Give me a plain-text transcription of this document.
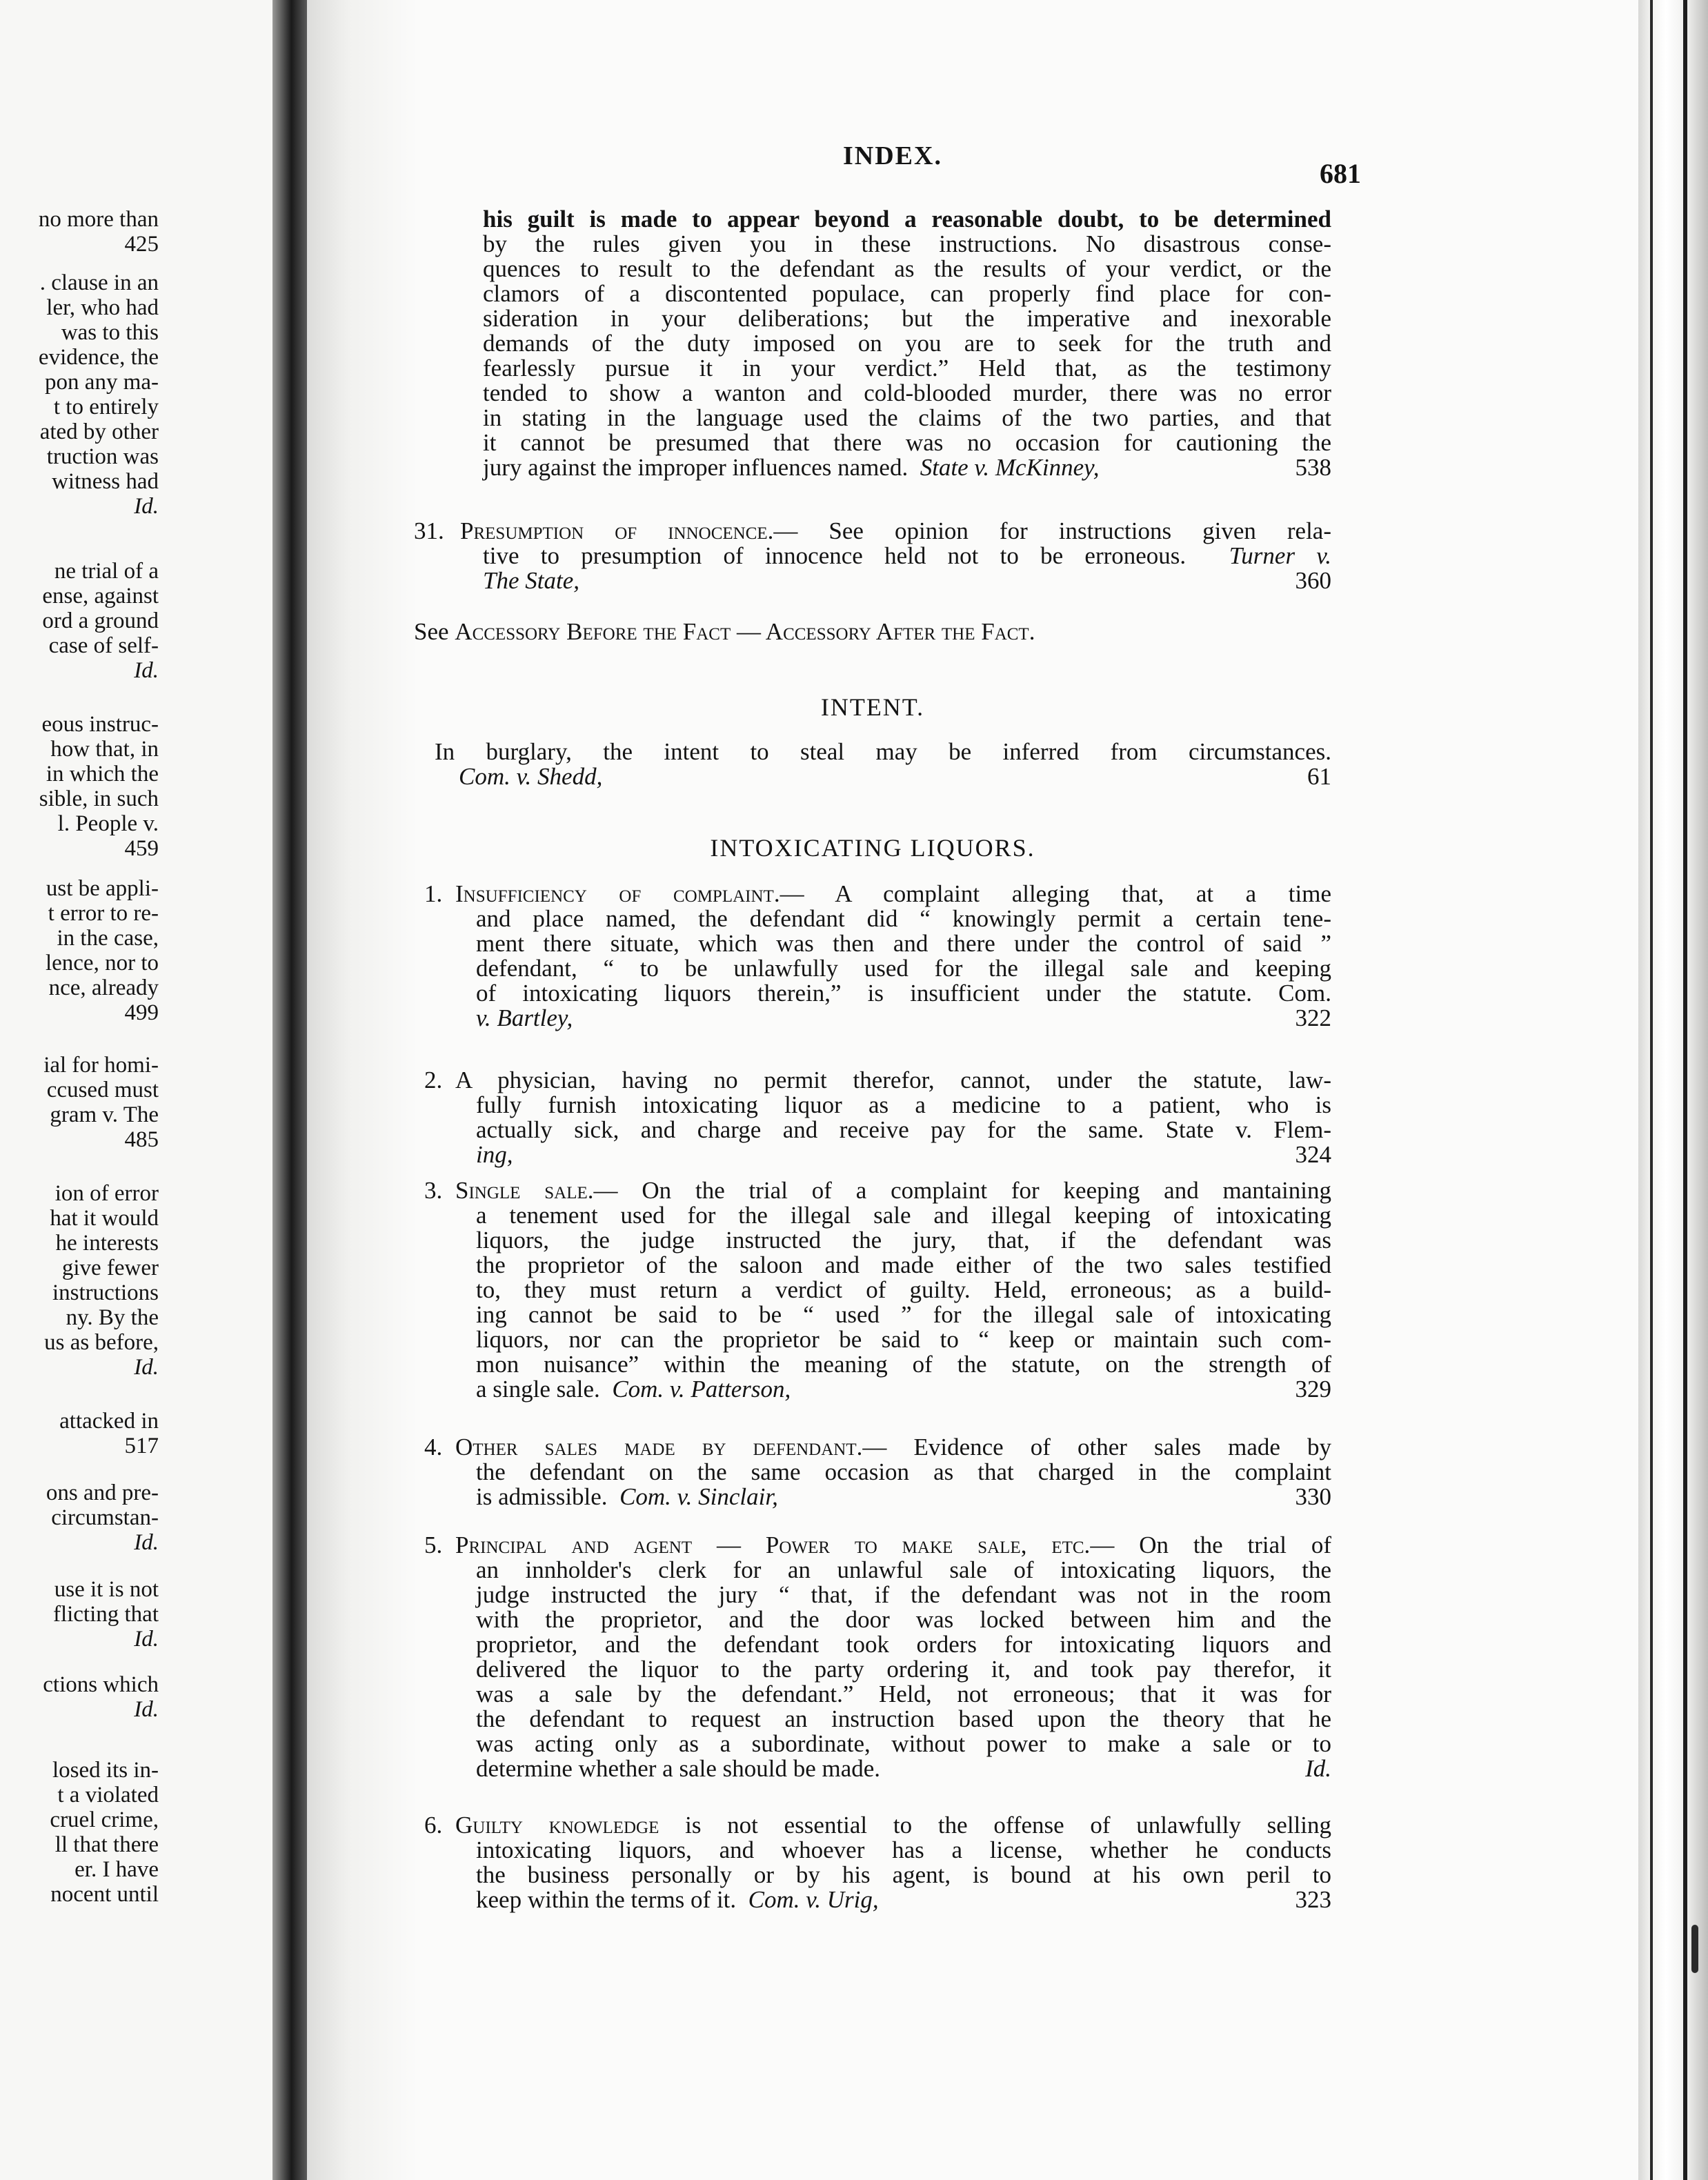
no more than
425
. clause in an
ler, who had
was to this
evidence, the
pon any ma-
t to entirely
ated by other
truction was
witness had
Id.
ne trial of a
ense, against
ord a ground
case of self-
Id.
eous instruc-
how that, in
in which the
sible, in such
l. People v.
459
ust be appli-
t error to re-
in the case,
lence, nor to
nce, already
499
ial for homi-
ccused must
gram v. The
485
ion of error
hat it would
he interests
give fewer
instructions
ny. By the
us as before,
Id.
attacked in
517
ons and pre-
circumstan-
Id.
use it is not
flicting that
Id.
ctions which
Id.
losed its in-
t a violated
cruel crime,
ll that there
er. I have
nocent until
INDEX.
681

his guilt is made to appear beyond a reasonable doubt, to be determined

by the rules given you in these instructions. No disastrous conse-

quences to result to the defendant as the results of your verdict, or the

clamors of a discontented populace, can properly find place for con-

sideration in your deliberations; but the imperative and inexorable

demands of the duty imposed on you are to seek for the truth and

fearlessly pursue it in your verdict.” Held that, as the testimony

tended to show a wanton and cold-blooded murder, there was no error

in stating in the language used the claims of the two parties, and that

it cannot be presumed that there was no occasion for cautioning the

jury against the improper influences named. State v. McKinney,	538

31. Presumption of innocence.— See opinion for instructions given rela-

tive to presumption of innocence held not to be erroneous. Turner v.

The State,	360

See Accessory Before the Fact — Accessory After the Fact.

INTENT.

In burglary, the intent to steal may be inferred from circumstances.

Com. v. Shedd,	61

INTOXICATING LIQUORS.
1. Insufficiency of complaint.— A complaint alleging that, at a time

and place named, the defendant did “ knowingly permit a certain tene-

ment there situate, which was then and there under the control of said ”

defendant, “ to be unlawfully used for the illegal sale and keeping

of intoxicating liquors therein,” is insufficient under the statute. Com.

v. Bartley,	322

2. A physician, having no permit therefor, cannot, under the statute, law-

fully furnish intoxicating liquor as a medicine to a patient, who is

actually sick, and charge and receive pay for the same. State v. Flem-

ing,	324

3. Single sale.— On the trial of a complaint for keeping and mantaining

a tenement used for the illegal sale and illegal keeping of intoxicating

liquors, the judge instructed the jury, that, if the defendant was

the proprietor of the saloon and made either of the two sales testified

to, they must return a verdict of guilty. Held, erroneous; as a build-

ing cannot be said to be “ used ” for the illegal sale of intoxicating

liquors, nor can the proprietor be said to “ keep or maintain such com-

mon nuisance” within the meaning of the statute, on the strength of

a single sale. Com. v. Patterson,	329

4. Other sales made by defendant.— Evidence of other sales made by

the defendant on the same occasion as that charged in the complaint

is admissible. Com. v. Sinclair,	330

5. Principal and agent — Power to make sale, etc.— On the trial of

an innholder's clerk for an unlawful sale of intoxicating liquors, the

judge instructed the jury “ that, if the defendant was not in the room

with the proprietor, and the door was locked between him and the

proprietor, and the defendant took orders for intoxicating liquors and

delivered the liquor to the party ordering it, and took pay therefor, it

was a sale by the defendant.” Held, not erroneous; that it was for

the defendant to request an instruction based upon the theory that he

was acting only as a subordinate, without power to make a sale or to

determine whether a sale should be made.	Id.

6. Guilty knowledge is not essential to the offense of unlawfully selling

intoxicating liquors, and whoever has a license, whether he conducts

the business personally or by his agent, is bound at his own peril to

keep within the terms of it. Com. v. Urig,	323
